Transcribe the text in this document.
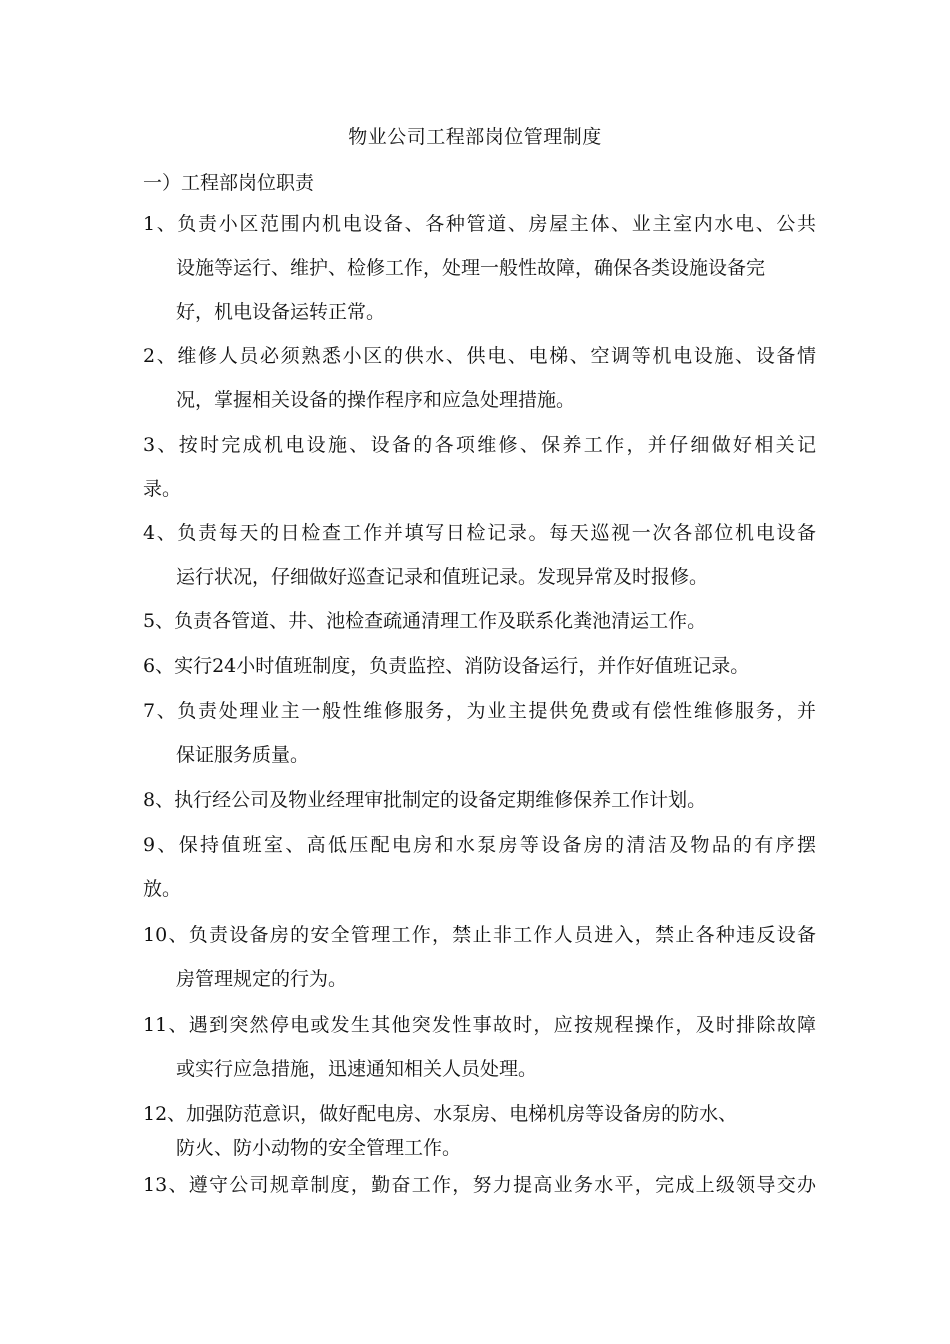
物业公司工程部岗位管理制度
一）工程部岗位职责
1、负责小区范围内机电设备、各种管道、房屋主体、业主室内水电、公共
设施等运行、维护、检修工作，处理一般性故障，确保各类设施设备完
好，机电设备运转正常。
2、维修人员必须熟悉小区的供水、供电、电梯、空调等机电设施、设备情
况，掌握相关设备的操作程序和应急处理措施。
3、按时完成机电设施、设备的各项维修、保养工作，并仔细做好相关记
录。
4、负责每天的日检查工作并填写日检记录。每天巡视一次各部位机电设备
运行状况，仔细做好巡查记录和值班记录。发现异常及时报修。
5、负责各管道、井、池检查疏通清理工作及联系化粪池清运工作。
6、实行24小时值班制度，负责监控、消防设备运行，并作好值班记录。
7、负责处理业主一般性维修服务，为业主提供免费或有偿性维修服务，并
保证服务质量。
8、执行经公司及物业经理审批制定的设备定期维修保养工作计划。
9、保持值班室、高低压配电房和水泵房等设备房的清洁及物品的有序摆
放。
10、负责设备房的安全管理工作，禁止非工作人员进入，禁止各种违反设备
房管理规定的行为。
11、遇到突然停电或发生其他突发性事故时，应按规程操作，及时排除故障
或实行应急措施，迅速通知相关人员处理。
12、加强防范意识，做好配电房、水泵房、电梯机房等设备房的防水、
防火、防小动物的安全管理工作。
13、遵守公司规章制度，勤奋工作，努力提高业务水平，完成上级领导交办
